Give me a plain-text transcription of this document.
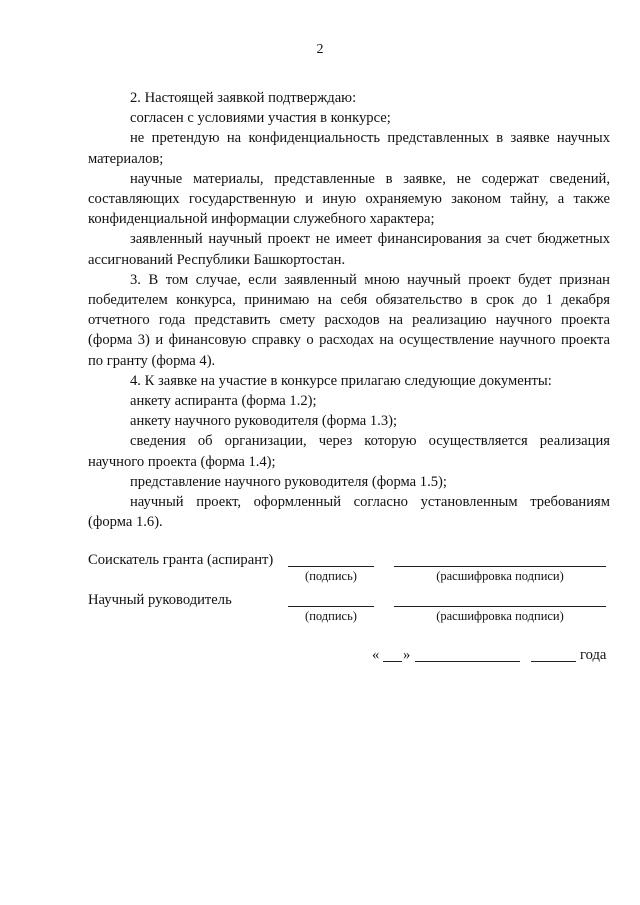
2

2. Настоящей заявкой подтверждаю:

согласен с условиями участия в конкурсе;

не претендую на конфиденциальность представленных в заявке научных материалов;

научные материалы, представленные в заявке, не содержат сведений, составляющих государственную и иную охраняемую законом тайну, а также конфиденциальной информации служебного характера;

заявленный научный проект не имеет финансирования за счет бюджетных ассигнований Республики Башкортостан.

3. В том случае, если заявленный мною научный проект будет признан победителем конкурса, принимаю на себя обязательство в срок до 1 декабря отчетного года представить смету расходов на реализацию научного проекта (форма 3) и финансовую справку о расходах на осуществление научного проекта по гранту (форма 4).

4. К заявке на участие в конкурсе прилагаю следующие документы:

анкету аспиранта (форма 1.2);

анкету научного руководителя (форма 1.3);

сведения об организации, через которую осуществляется реализация научного проекта (форма 1.4);

представление научного руководителя (форма 1.5);

научный проект, оформленный согласно установленным требованиям (форма 1.6).

Соискатель гранта (аспирант)
(подпись)	(расшифровка подписи)
Научный руководитель
(подпись)	(расшифровка подписи)
« »	года
